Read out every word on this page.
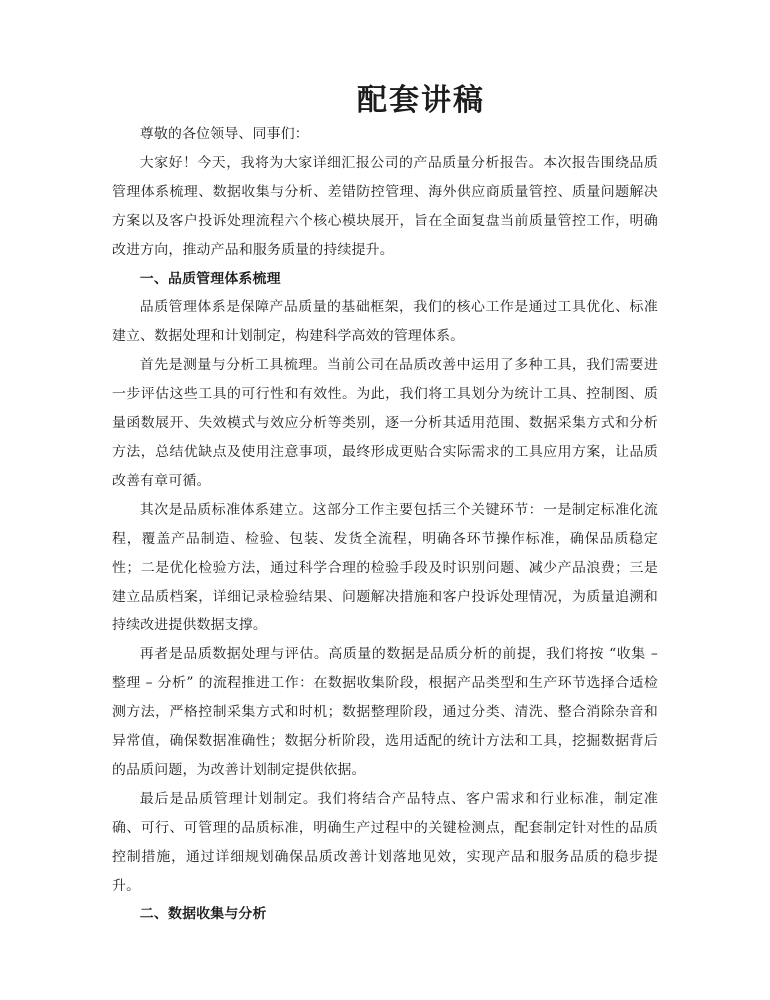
配套讲稿

尊敬的各位领导、同事们：

大家好！今天，我将为大家详细汇报公司的产品质量分析报告。本次报告围绕品质管理体系梳理、数据收集与分析、差错防控管理、海外供应商质量管控、质量问题解决方案以及客户投诉处理流程六个核心模块展开，旨在全面复盘当前质量管控工作，明确改进方向，推动产品和服务质量的持续提升。

一、品质管理体系梳理

品质管理体系是保障产品质量的基础框架，我们的核心工作是通过工具优化、标准建立、数据处理和计划制定，构建科学高效的管理体系。

首先是测量与分析工具梳理。当前公司在品质改善中运用了多种工具，我们需要进一步评估这些工具的可行性和有效性。为此，我们将工具划分为统计工具、控制图、质量函数展开、失效模式与效应分析等类别，逐一分析其适用范围、数据采集方式和分析方法，总结优缺点及使用注意事项，最终形成更贴合实际需求的工具应用方案，让品质改善有章可循。

其次是品质标准体系建立。这部分工作主要包括三个关键环节：一是制定标准化流程，覆盖产品制造、检验、包装、发货全流程，明确各环节操作标准，确保品质稳定性；二是优化检验方法，通过科学合理的检验手段及时识别问题、减少产品浪费；三是建立品质档案，详细记录检验结果、问题解决措施和客户投诉处理情况，为质量追溯和持续改进提供数据支撑。

再者是品质数据处理与评估。高质量的数据是品质分析的前提，我们将按 “收集 – 整理 – 分析” 的流程推进工作：在数据收集阶段，根据产品类型和生产环节选择合适检测方法，严格控制采集方式和时机；数据整理阶段，通过分类、清洗、整合消除杂音和异常值，确保数据准确性；数据分析阶段，选用适配的统计方法和工具，挖掘数据背后的品质问题，为改善计划制定提供依据。

最后是品质管理计划制定。我们将结合产品特点、客户需求和行业标准，制定准确、可行、可管理的品质标准，明确生产过程中的关键检测点，配套制定针对性的品质控制措施，通过详细规划确保品质改善计划落地见效，实现产品和服务品质的稳步提升。

二、数据收集与分析
